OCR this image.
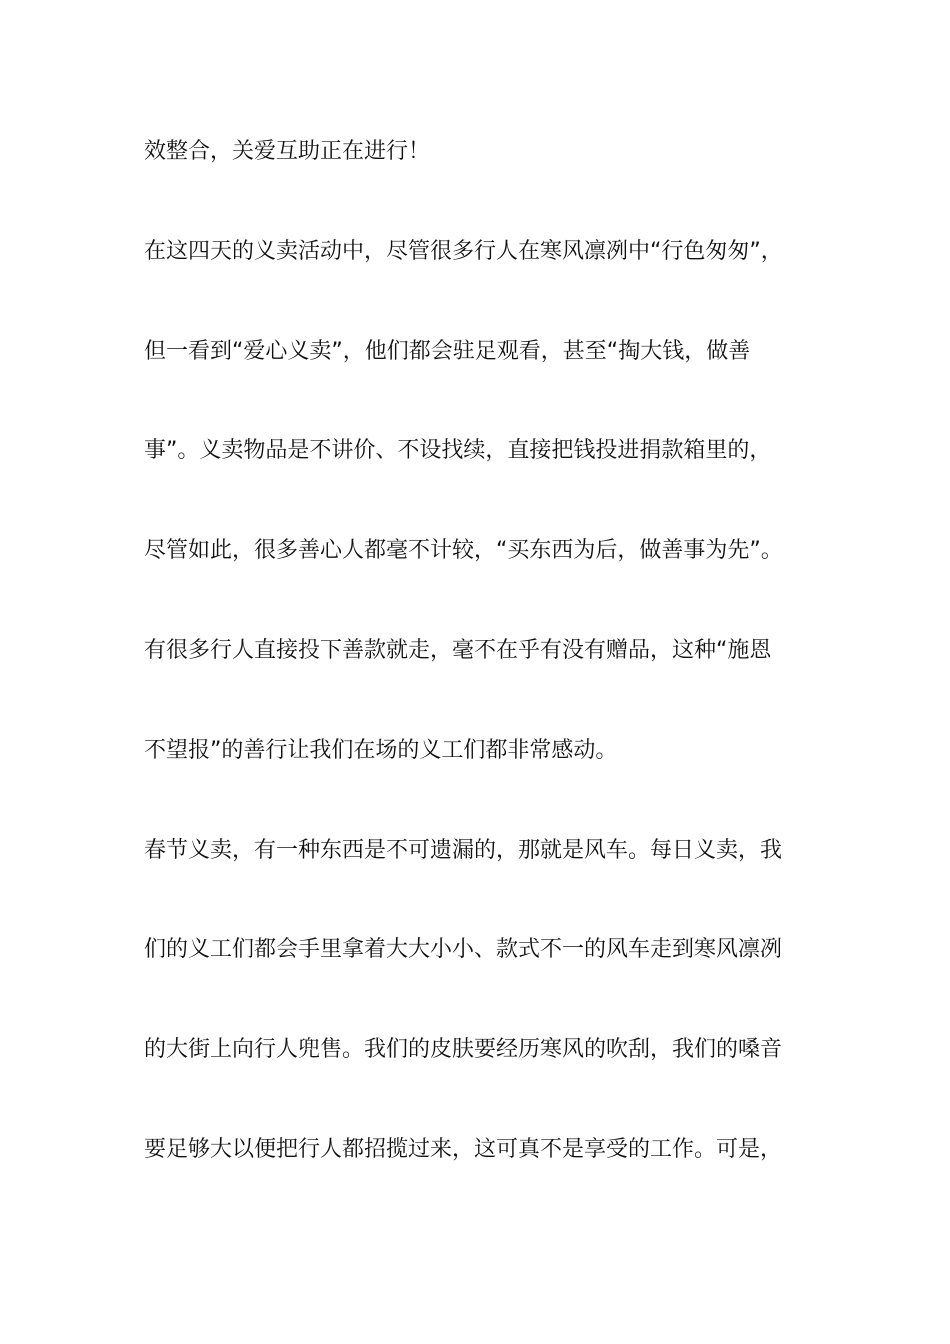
效整合，关爱互助正在进行！
在这四天的义卖活动中，尽管很多行人在寒风凛冽中“行色匆匆”，
但一看到“爱心义卖”，他们都会驻足观看，甚至“掏大钱，做善
事”。义卖物品是不讲价、不设找续，直接把钱投进捐款箱里的，
尽管如此，很多善心人都毫不计较，“买东西为后，做善事为先”。
有很多行人直接投下善款就走，毫不在乎有没有赠品，这种“施恩
不望报”的善行让我们在场的义工们都非常感动。
春节义卖，有一种东西是不可遗漏的，那就是风车。每日义卖，我
们的义工们都会手里拿着大大小小、款式不一的风车走到寒风凛冽
的大街上向行人兜售。我们的皮肤要经历寒风的吹刮，我们的嗓音
要足够大以便把行人都招揽过来，这可真不是享受的工作。可是，
